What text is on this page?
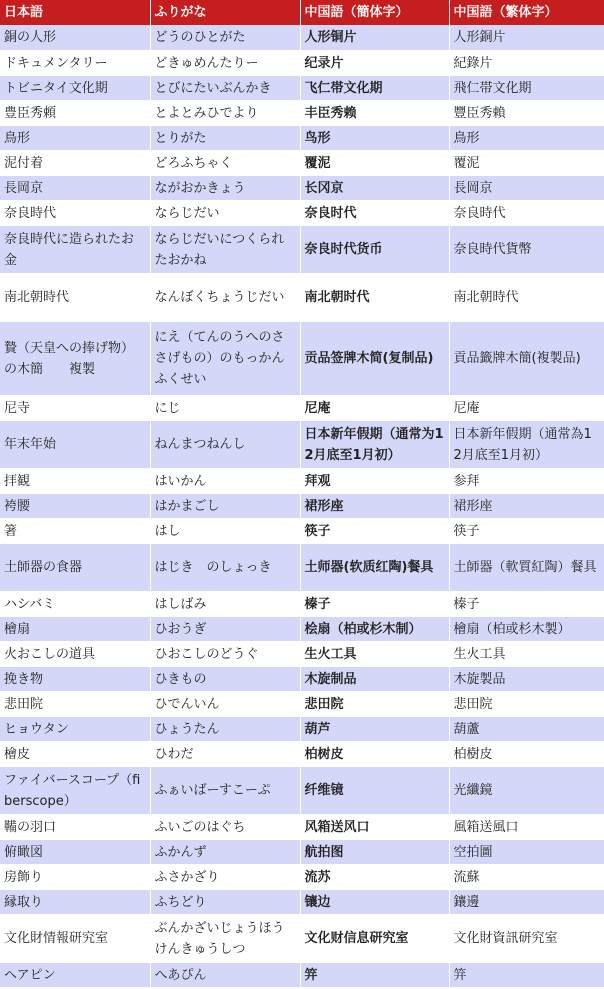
日本語	ふりがな	中国語（簡体字）	中国語（繁体字）
銅の人形	どうのひとがた	人形铜片	人形銅片
ドキュメンタリー	どきゅめんたりー	纪录片	紀錄片
トビニタイ文化期	とびにたいぶんかき	飞仁帯文化期	飛仁帯文化期
豊臣秀頼	とよとみひでより	丰臣秀赖	豐臣秀賴
鳥形	とりがた	鸟形	鳥形
泥付着	どろふちゃく	覆泥	覆泥
長岡京	ながおかきょう	长冈京	長岡京
奈良時代	ならじだい	奈良时代	奈良時代
奈良時代に造られたお金	ならじだいにつくられたおかね	奈良时代货币	奈良時代貨幣
南北朝時代	なんぼくちょうじだい	南北朝时代	南北朝時代
贄（天皇への捧げ物）の木簡　　複製	にえ（てんのうへのささげもの）のもっかん　ふくせい	贡品签牌木简(复制品)	貢品籤牌木簡(複製品)
尼寺	にじ	尼庵	尼庵
年末年始	ねんまつねんし	日本新年假期（通常为12月底至1月初）	日本新年假期（通常為12月底至1月初）
拝観	はいかん	拜观	参拜
袴腰	はかまごし	裙形座	裙形座
箸	はし	筷子	筷子
土師器の食器	はじき　のしょっき	土师器(软质红陶)餐具	土師器（軟質紅陶）餐具
ハシバミ	はしばみ	榛子	榛子
檜扇	ひおうぎ	桧扇（柏或杉木制）	檜扇（柏或杉木製）
火おこしの道具	ひおこしのどうぐ	生火工具	生火工具
挽き物	ひきもの	木旋制品	木旋製品
悲田院	ひでんいん	悲田院	悲田院
ヒョウタン	ひょうたん	葫芦	葫蘆
檜皮	ひわだ	柏树皮	柏樹皮
ファイバースコープ（fiberscope）	ふぁいばーすこーぷ	纤维镜	光纖鏡
鞴の羽口	ふいごのはぐち	风箱送风口	風箱送風口
俯瞰図	ふかんず	航拍图	空拍圖
房飾り	ふさかざり	流苏	流蘇
縁取り	ふちどり	镶边	鑲邊
文化財情報研究室	ぶんかざいじょうほうけんきゅうしつ	文化财信息研究室	文化財資訊研究室
ヘアピン	へあぴん	笄	笄
